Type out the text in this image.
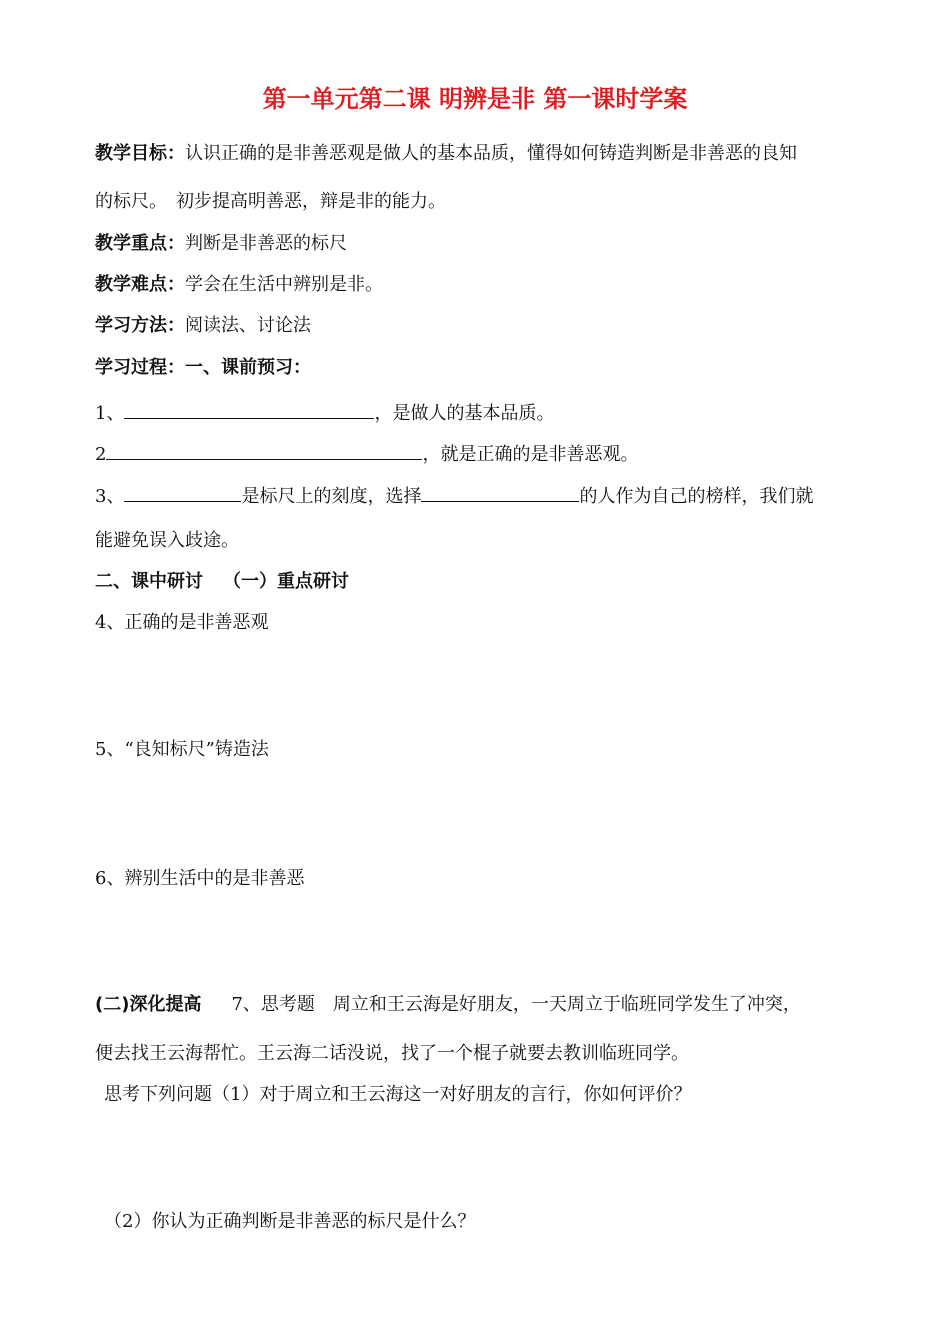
第一单元第二课 明辨是非 第一课时学案
教学目标：认识正确的是非善恶观是做人的基本品质，懂得如何铸造判断是非善恶的良知
的标尺。　初步提高明善恶，辩是非的能力。
教学重点：判断是非善恶的标尺
教学难点：学会在生活中辨别是非。
学习方法：阅读法、讨论法
学习过程：一、课前预习：
1、	，是做人的基本品质。
2	，就是正确的是非善恶观。
3、	是标尺上的刻度，选择	的人作为自己的榜样，我们就
能避免误入歧途。
二、课中研讨 （一）重点研讨
4、正确的是非善恶观
5、“良知标尺”铸造法
6、辨别生活中的是非善恶
(二)深化提高 7、思考题　周立和王云海是好朋友，一天周立于临班同学发生了冲突，
便去找王云海帮忙。王云海二话没说，找了一个棍子就要去教训临班同学。
思考下列问题（1）对于周立和王云海这一对好朋友的言行，你如何评价？
（2）你认为正确判断是非善恶的标尺是什么？
